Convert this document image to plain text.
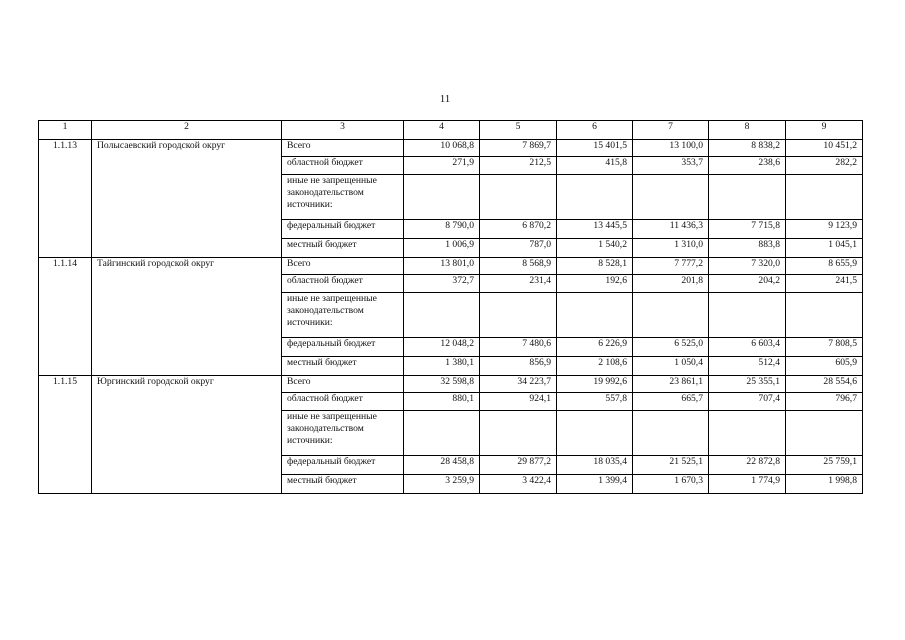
11
1	2	3	4	5	6	7	8	9
1.1.13	Полысаевский городской округ	Всего	10 068,8	7 869,7	15 401,5	13 100,0	8 838,2	10 451,2
		областной бюджет	271,9	212,5	415,8	353,7	238,6	282,2
		иные не запрещенные законодательством источники:						
		федеральный бюджет	8 790,0	6 870,2	13 445,5	11 436,3	7 715,8	9 123,9
		местный бюджет	1 006,9	787,0	1 540,2	1 310,0	883,8	1 045,1
1.1.14	Тайгинский городской округ	Всего	13 801,0	8 568,9	8 528,1	7 777,2	7 320,0	8 655,9
		областной бюджет	372,7	231,4	192,6	201,8	204,2	241,5
		иные не запрещенные законодательством источники:						
		федеральный бюджет	12 048,2	7 480,6	6 226,9	6 525,0	6 603,4	7 808,5
		местный бюджет	1 380,1	856,9	2 108,6	1 050,4	512,4	605,9
1.1.15	Юргинский городской округ	Всего	32 598,8	34 223,7	19 992,6	23 861,1	25 355,1	28 554,6
		областной бюджет	880,1	924,1	557,8	665,7	707,4	796,7
		иные не запрещенные законодательством источники:						
		федеральный бюджет	28 458,8	29 877,2	18 035,4	21 525,1	22 872,8	25 759,1
		местный бюджет	3 259,9	3 422,4	1 399,4	1 670,3	1 774,9	1 998,8
